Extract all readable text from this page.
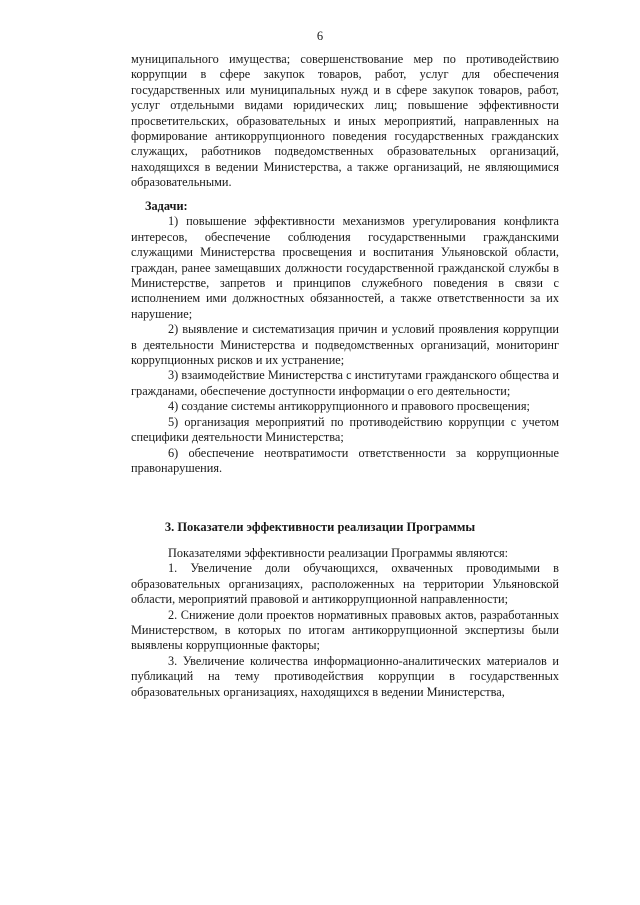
6

муниципального имущества; совершенствование мер по противодействию коррупции в сфере закупок товаров, работ, услуг для обеспечения государственных или муниципальных нужд и в сфере закупок товаров, работ, услуг отдельными видами юридических лиц; повышение эффективности просветительских, образовательных и иных мероприятий, направленных на формирование антикоррупционного поведения государственных гражданских служащих, работников подведомственных образовательных организаций, находящихся в ведении Министерства, а также организаций, не являющимися образовательными.

Задачи:

1) повышение эффективности механизмов урегулирования конфликта интересов, обеспечение соблюдения государственными гражданскими служащими Министерства просвещения и воспитания Ульяновской области, граждан, ранее замещавших должности государственной гражданской службы в Министерстве, запретов и принципов служебного поведения в связи с исполнением ими должностных обязанностей, а также ответственности за их нарушение;

2) выявление и систематизация причин и условий проявления коррупции в деятельности Министерства и подведомственных организаций, мониторинг коррупционных рисков и их устранение;

3) взаимодействие Министерства с институтами гражданского общества и гражданами, обеспечение доступности информации о его деятельности;

4) создание системы антикоррупционного и правового просвещения;

5) организация мероприятий по противодействию коррупции с учетом специфики деятельности Министерства;

6) обеспечение неотвратимости ответственности за коррупционные правонарушения.

3. Показатели эффективности реализации Программы

Показателями эффективности реализации Программы являются:

1. Увеличение доли обучающихся, охваченных проводимыми в образовательных организациях, расположенных на территории Ульяновской области, мероприятий правовой и антикоррупционной направленности;

2. Снижение доли проектов нормативных правовых актов, разработанных Министерством, в которых по итогам антикоррупционной экспертизы были выявлены коррупционные факторы;

3. Увеличение количества информационно-аналитических материалов и публикаций на тему противодействия коррупции в государственных образовательных организациях, находящихся в ведении Министерства,
